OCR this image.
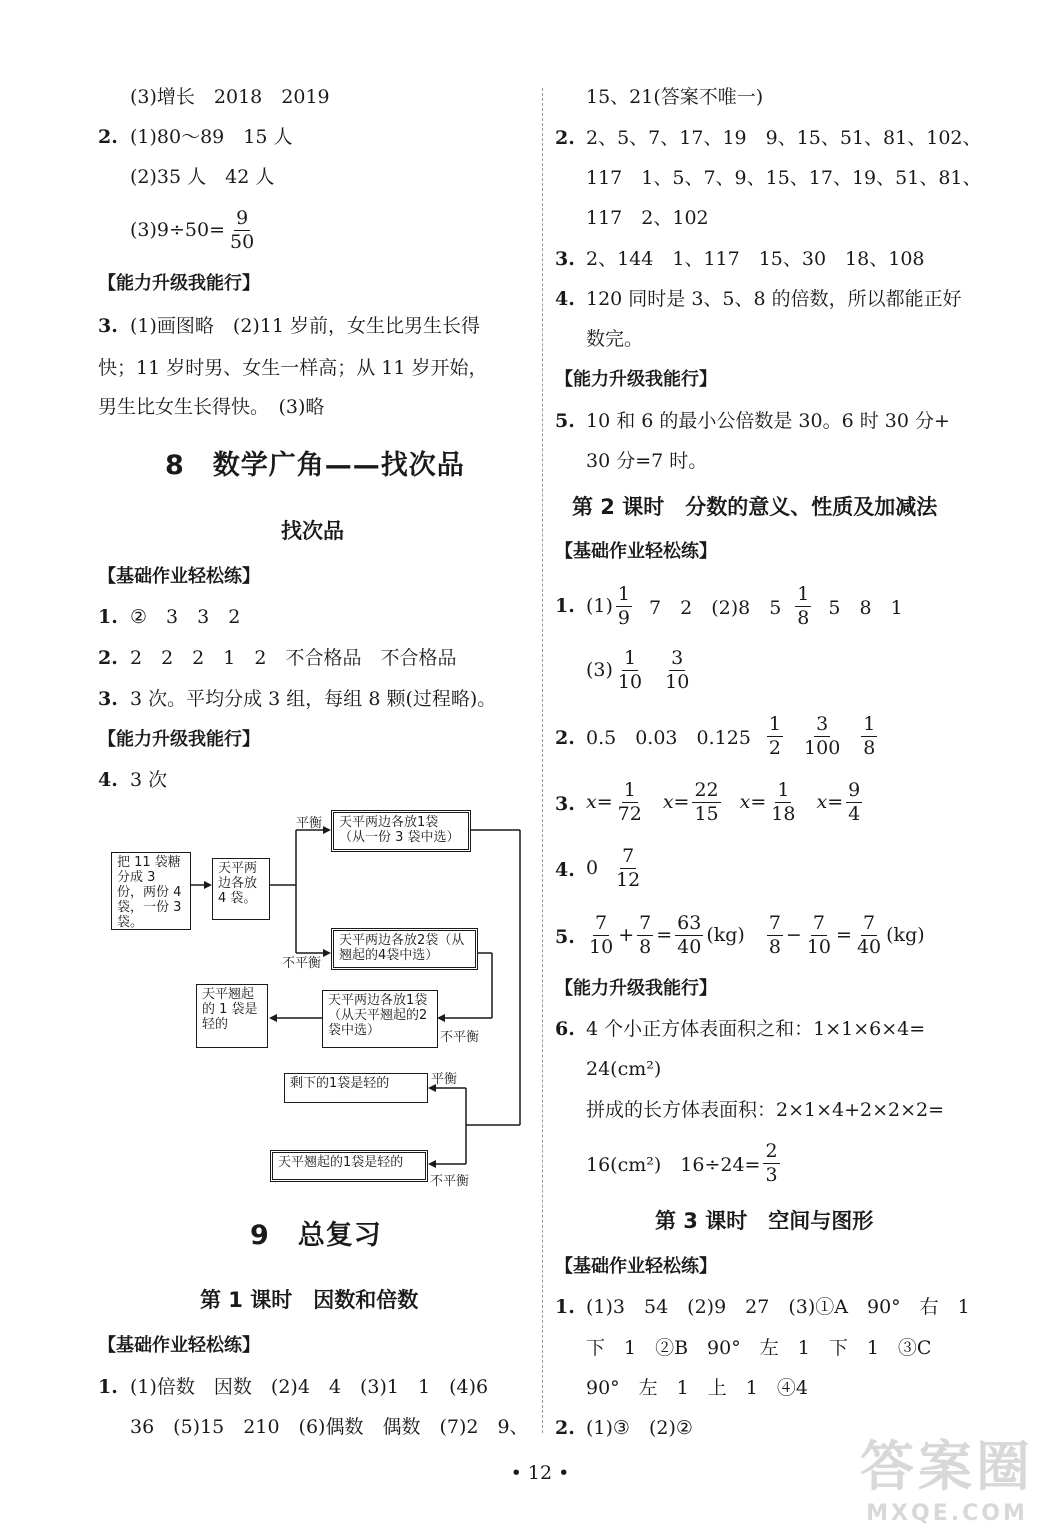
(3)增长　2018　2019
2. (1)80～89　15 人
(2)35 人　42 人
$(3)9\div 50= \frac{9}{50}$
【能力升级我能行】
3. (1)画图略　(2)11 岁前，女生比男生长得
快；11 岁时男、女生一样高；从 11 岁开始，
男生比女生长得快。　(3)略
8　数学广角——找次品
找次品
【基础作业轻松练】
1. ②　3　3　2
2. 2　2　2　1　2　不合格品　不合格品
3. 3 次。平均分成 3 组，每组 8 颗(过程略)。
【能力升级我能行】
4. 3 次
把 11 袋糖分成 3 份，两份 4 袋，一份 3 袋。
天平两边各放 4 袋。
天平两边各放1袋（从一份 3 袋中选）
天平两边各放2袋（从翘起的4袋中选）
天平两边各放1袋（从天平翘起的2袋中选）
天平翘起的 1 袋是轻的
剩下的1袋是轻的
天平翘起的1袋是轻的
平衡
不平衡
不平衡
平衡
不平衡
9　总复习
第 1 课时　因数和倍数
【基础作业轻松练】
1. (1)倍数　因数　(2)4　4　(3)1　1　(4)6
36　(5)15　210　(6)偶数　偶数　(7)2　9、
15、21(答案不唯一)
2. 2、5、7、17、19　9、15、51、81、102、
117　1、5、7、9、15、17、19、51、81、
117　2、102
3. 2、144　1、117　15、30　18、108
4. 120 同时是 3、5、8 的倍数，所以都能正好
数完。
【能力升级我能行】
5. 10 和 6 的最小公倍数是 30。6 时 30 分+
30 分=7 时。
第 2 课时　分数的意义、性质及加减法
【基础作业轻松练】
1. $(1) \frac{1}{9} 7$　2　(2)8　$5 \frac{1}{8} 5$　8　1
$(3) \frac{1}{10} \frac{3}{10}$
2. 0.5　0.03　$0.125 \frac{1}{2} \frac{3}{100} \frac{1}{8}$
3. $x = \frac{1}{72}$ $x = \frac{22}{15}$ $x = \frac{1}{18}$ $x = \frac{9}{4}$
4. $0 \frac{7}{12}$
5. $\frac{7}{10} + \frac{7}{8} = \frac{63}{40} (kg) \frac{7}{8} - \frac{7}{10} = \frac{7}{40} (kg)$
【能力升级我能行】
6. 4 个小正方体表面积之和：1×1×6×4=
24(cm²)
拼成的长方体表面积：2×1×4+2×2×2=
16(cm²)　$16\div 24= \frac{2}{3}$
第 3 课时　空间与图形
【基础作业轻松练】
1. (1)3　54　(2)9　27　(3)①A　90°　右　1
下　1　②B　90°　左　1　下　1　③C
90°　左　1　上　1　④4
2. (1)③　(2)②
• 12 •	答案圈
MXQE.COM
